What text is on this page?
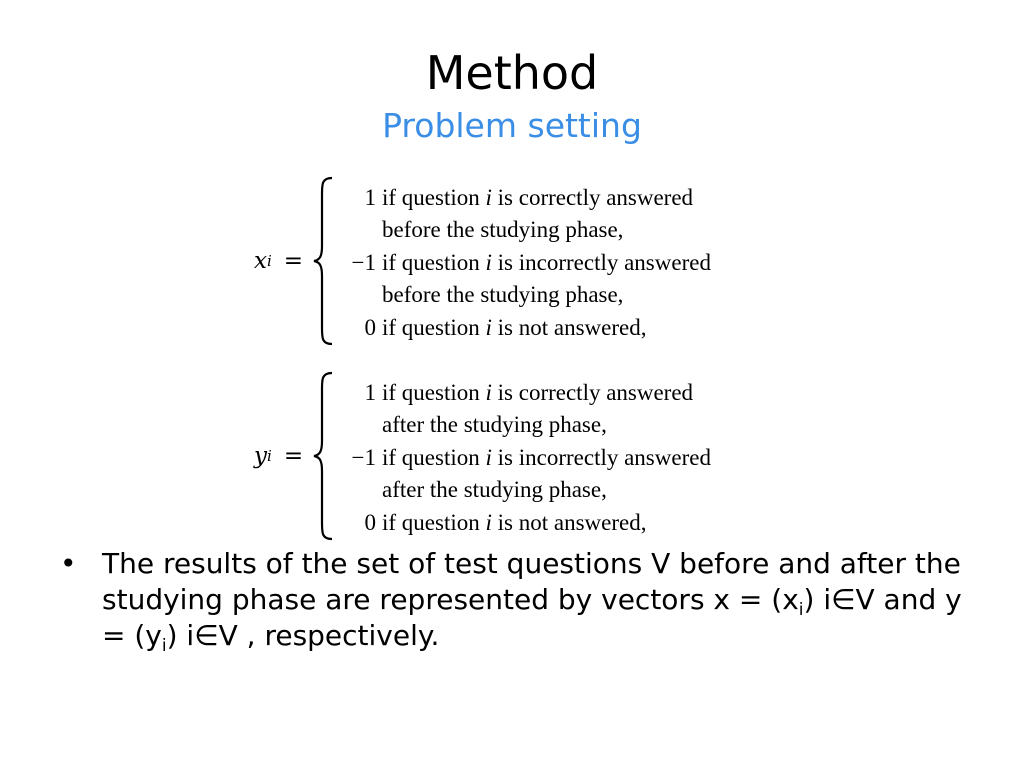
Method
Problem setting
x i =
1 if question i is correctly answered
before the studying phase,
−1 if question i is incorrectly answered
before the studying phase,
0 if question i is not answered,
y i =
1 if question i is correctly answered
after the studying phase,
−1 if question i is incorrectly answered
after the studying phase,
0 if question i is not answered,
• The results of the set of test questions V before and after the studying phase are represented by vectors $x = (x_i)$ i∈V and $y = (y_i)$ i∈V , respectively.
